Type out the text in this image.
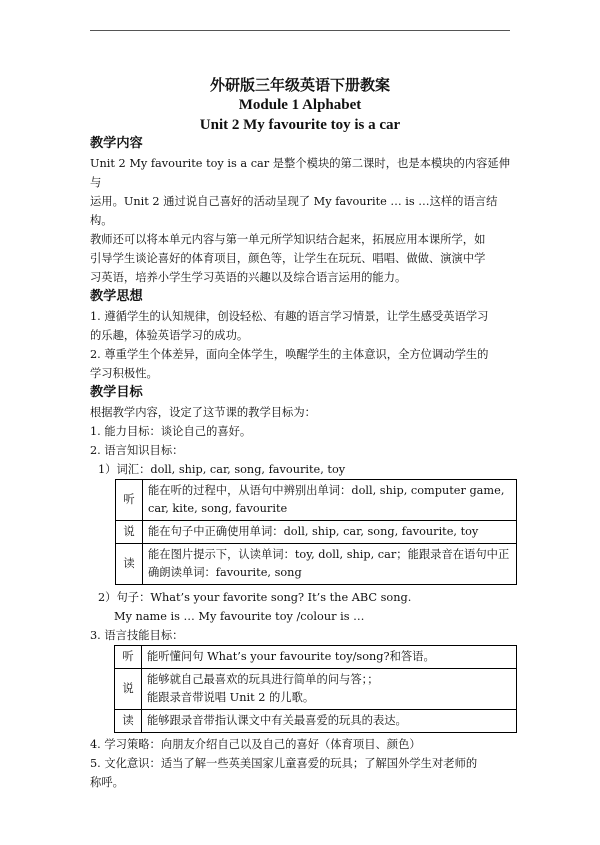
外研版三年级英语下册教案
Module 1 Alphabet
Unit 2 My favourite toy is a car

教学内容

Unit 2 My favourite toy is a car 是整个模块的第二课时，也是本模块的内容延伸与

运用。Unit 2 通过说自己喜好的活动呈现了 My favourite … is …这样的语言结构。

教师还可以将本单元内容与第一单元所学知识结合起来，拓展应用本课所学，如

引导学生谈论喜好的体育项目，颜色等，让学生在玩玩、唱唱、做做、演演中学

习英语，培养小学生学习英语的兴趣以及综合语言运用的能力。

教学思想

1. 遵循学生的认知规律，创设轻松、有趣的语言学习情景，让学生感受英语学习

的乐趣，体验英语学习的成功。

2. 尊重学生个体差异，面向全体学生，唤醒学生的主体意识，全方位调动学生的

学习积极性。

教学目标

根据教学内容，设定了这节课的教学目标为：

1. 能力目标：谈论自己的喜好。

2. 语言知识目标：

1）词汇：doll, ship, car, song, favourite, toy

听	能在听的过程中，从语句中辨别出单词：doll, ship, computer game, car, kite, song, favourite
说	能在句子中正确使用单词：doll, ship, car, song, favourite, toy
读	能在图片提示下，认读单词：toy, doll, ship, car；能跟录音在语句中正确朗读单词：favourite, song

2）句子：What’s your favorite song? It’s the ABC song.

My name is … My favourite toy /colour is …

3. 语言技能目标：

听	能听懂问句 What’s your favourite toy/song?和答语。
说	能够就自己最喜欢的玩具进行简单的问与答；；
能跟录音带说唱 Unit 2 的儿歌。

读	能够跟录音带指认课文中有关最喜爱的玩具的表达。

4. 学习策略：向朋友介绍自己以及自己的喜好（体育项目、颜色）

5. 文化意识：适当了解一些英美国家儿童喜爱的玩具；了解国外学生对老师的

称呼。
